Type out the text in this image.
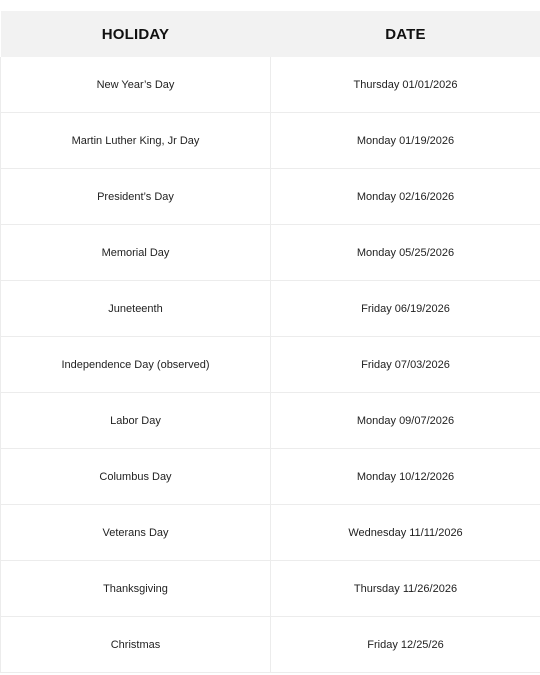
HOLIDAY	DATE
New Year’s Day	Thursday 01/01/2026
Martin Luther King, Jr Day	Monday 01/19/2026
President’s Day	Monday 02/16/2026
Memorial Day	Monday 05/25/2026
Juneteenth	Friday 06/19/2026
Independence Day (observed)	Friday 07/03/2026
Labor Day	Monday 09/07/2026
Columbus Day	Monday 10/12/2026
Veterans Day	Wednesday 11/11/2026
Thanksgiving	Thursday 11/26/2026
Christmas	Friday 12/25/26
